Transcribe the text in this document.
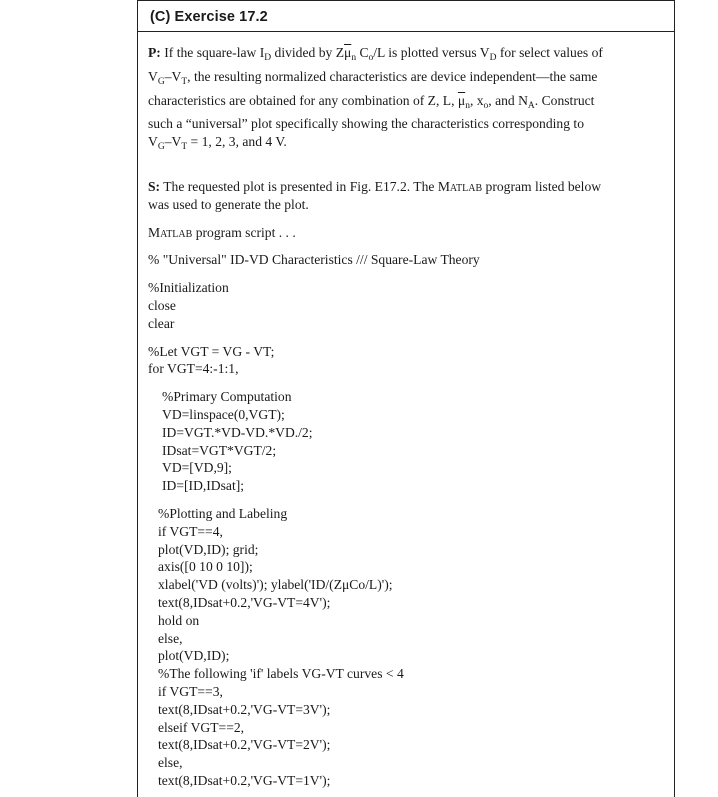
(C) Exercise 17.2
P: If the square-law $I_D$ divided by $Z\overline{\mu}_n$ $C_o/L$ is plotted versus $V_D$ for select values of
$V_G-V_T$, the resulting normalized characteristics are device independent—the same
characteristics are obtained for any combination of Z, L, $\overline{\mu}_n$, $x_o$, and $N_A$. Construct
such a “universal” plot specifically showing the characteristics corresponding to
$V_G-V_T = 1$, 2, 3, and 4 V.
S: The requested plot is presented in Fig. E17.2. The Matlab program listed below
was used to generate the plot.
Matlab program script . . .
% "Universal" ID-VD Characteristics /// Square-Law Theory
%Initialization
close
clear
%Let VGT = VG - VT;
for VGT=4:-1:1,
%Primary Computation
VD=linspace(0,VGT);
ID=VGT.*VD-VD.*VD./2;
IDsat=VGT*VGT/2;
VD=[VD,9];
ID=[ID,IDsat];
%Plotting and Labeling
if VGT==4,
plot(VD,ID); grid;
axis([0 10 0 10]);
xlabel('VD (volts)'); ylabel('ID/(ZμCo/L)');
text(8,IDsat+0.2,'VG-VT=4V');
hold on
else,
plot(VD,ID);
%The following 'if' labels VG-VT curves < 4
if VGT==3,
text(8,IDsat+0.2,'VG-VT=3V');
elseif VGT==2,
text(8,IDsat+0.2,'VG-VT=2V');
else,
text(8,IDsat+0.2,'VG-VT=1V');
